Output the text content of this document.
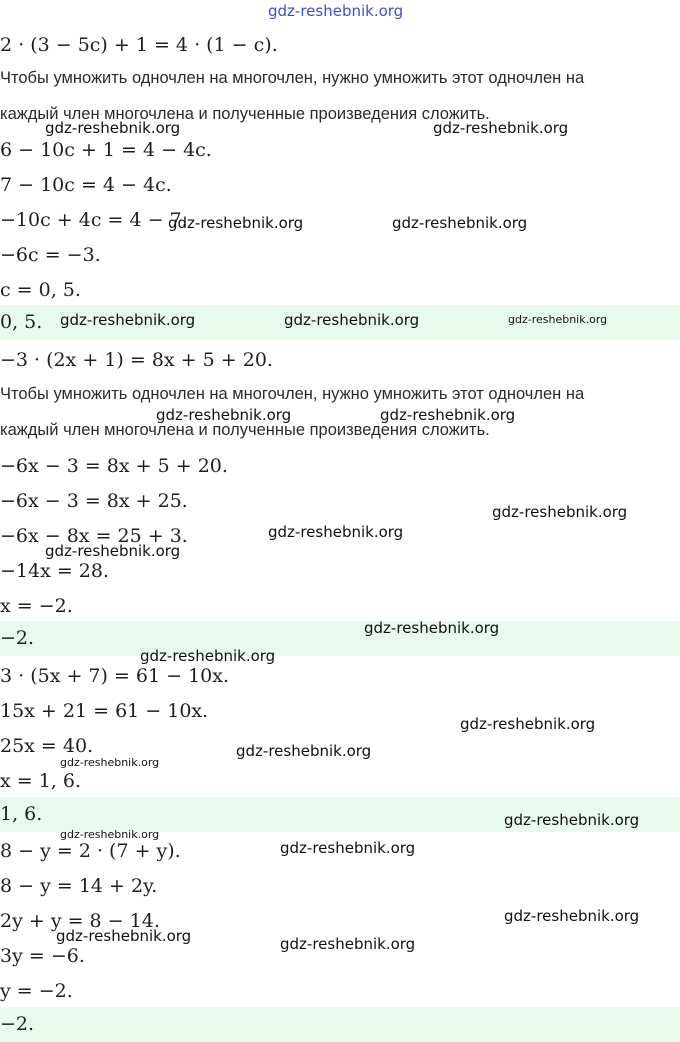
2 · (3 − 5c) + 1 = 4 · (1 − c).
Чтобы умножить одночлен на многочлен, нужно умножить этот одночлен на
каждый член многочлена и полученные произведения сложить.
6 − 10c + 1 = 4 − 4c.
7 − 10c = 4 − 4c.
−10c + 4c = 4 − 7.
−6c = −3.
c = 0, 5.
0, 5.
−3 · (2x + 1) = 8x + 5 + 20.
Чтобы умножить одночлен на многочлен, нужно умножить этот одночлен на
каждый член многочлена и полученные произведения сложить.
−6x − 3 = 8x + 5 + 20.
−6x − 3 = 8x + 25.
−6x − 8x = 25 + 3.
−14x = 28.
x = −2.
−2.
3 · (5x + 7) = 61 − 10x.
15x + 21 = 61 − 10x.
25x = 40.
x = 1, 6.
1, 6.
8 − y = 2 · (7 + y).
8 − y = 14 + 2y.
2y + y = 8 − 14.
3y = −6.
y = −2.
−2.
gdz-reshebnik.org
gdz-reshebnik.org	gdz-reshebnik.org
gdz-reshebnik.org	gdz-reshebnik.org
gdz-reshebnik.org	gdz-reshebnik.org	gdz-reshebnik.org
gdz-reshebnik.org	gdz-reshebnik.org
gdz-reshebnik.org
gdz-reshebnik.org
gdz-reshebnik.org
gdz-reshebnik.org
gdz-reshebnik.org
gdz-reshebnik.org
gdz-reshebnik.org
gdz-reshebnik.org
gdz-reshebnik.org
gdz-reshebnik.org
gdz-reshebnik.org
gdz-reshebnik.org
gdz-reshebnik.org	gdz-reshebnik.org
